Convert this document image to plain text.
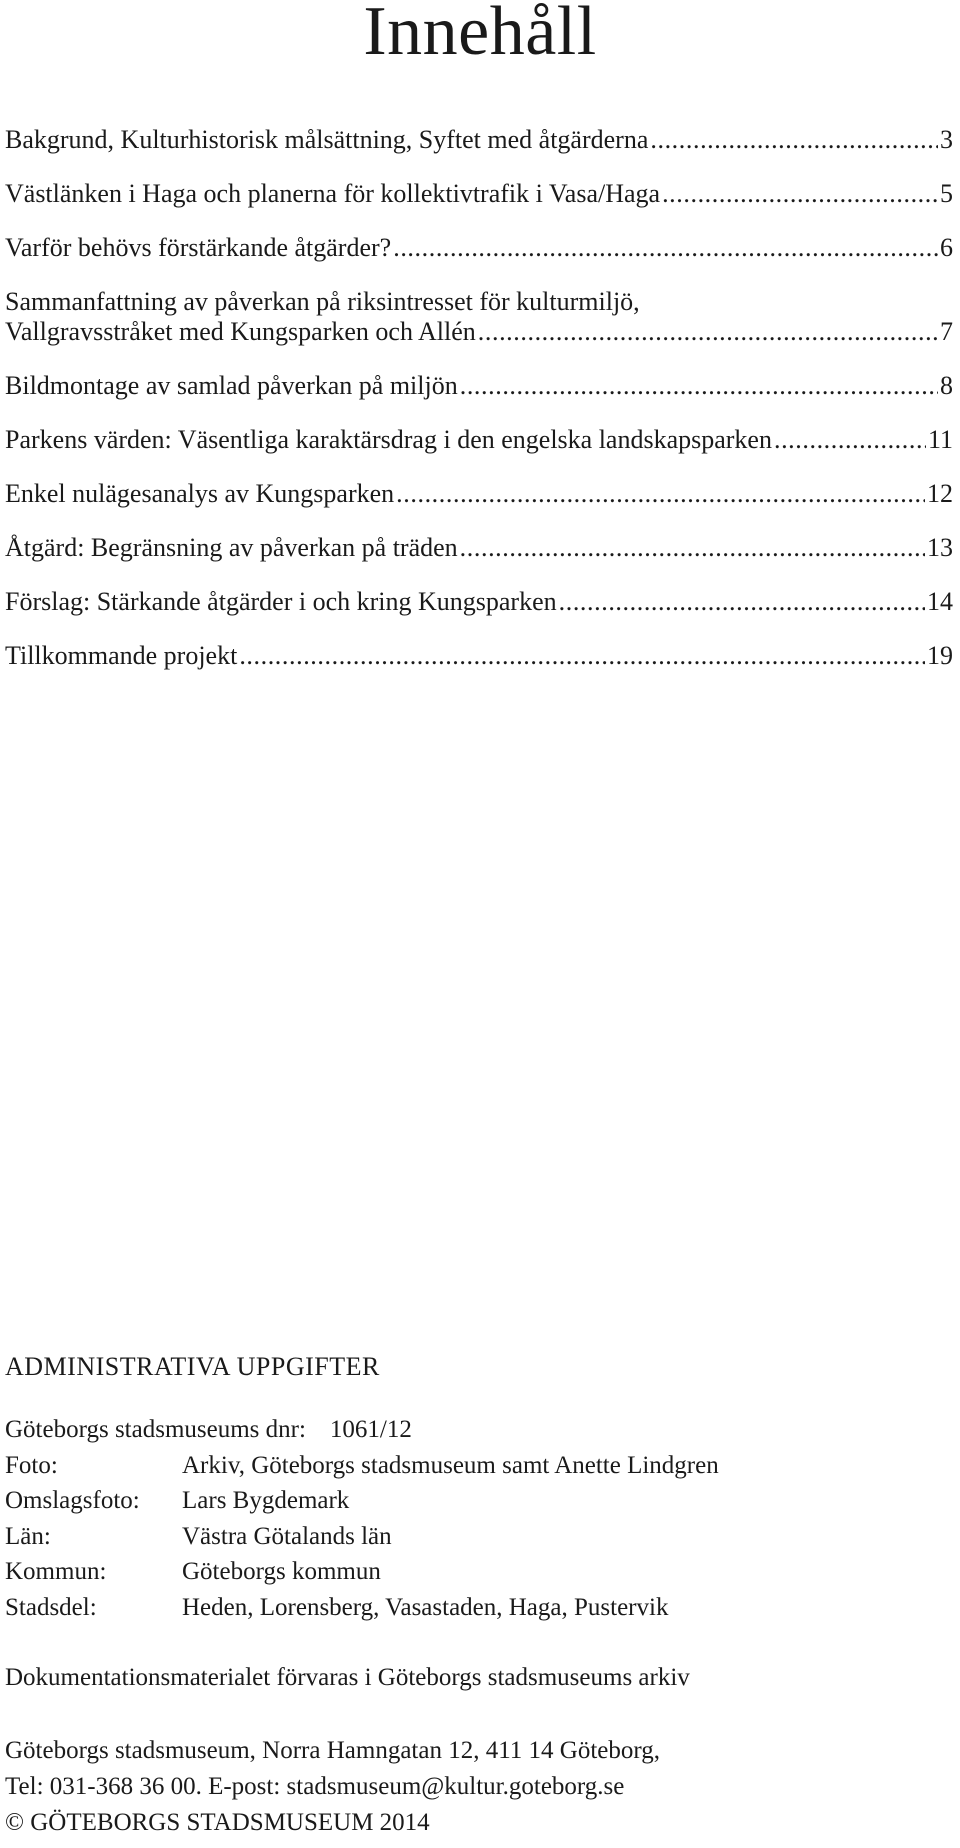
Innehåll
Bakgrund, Kulturhistorisk målsättning, Syftet med åtgärderna .....	3
Västlänken i Haga och planerna för kollektivtrafik i Vasa/Haga .....	5
Varför behövs förstärkande åtgärder? .....	6
Sammanfattning av påverkan på riksintresset för kulturmiljö,
Vallgravsstråket med Kungsparken och Allén .....	7
Bildmontage av samlad påverkan på miljön .....	8
Parkens värden: Väsentliga karaktärsdrag i den engelska landskapsparken .....	11
Enkel nulägesanalys av Kungsparken .....	12
Åtgärd: Begränsning av påverkan på träden .....	13
Förslag: Stärkande åtgärder i och kring Kungsparken .....	14
Tillkommande projekt .....	19
ADMINISTRATIVA UPPGIFTER
Göteborgs stadsmuseums dnr: 1061/12
Foto:	Arkiv, Göteborgs stadsmuseum samt Anette Lindgren
Omslagsfoto:	Lars Bygdemark
Län:	Västra Götalands län
Kommun:	Göteborgs kommun
Stadsdel:	Heden, Lorensberg, Vasastaden, Haga, Pustervik
Dokumentationsmaterialet förvaras i Göteborgs stadsmuseums arkiv
Göteborgs stadsmuseum, Norra Hamngatan 12, 411 14 Göteborg,
Tel: 031-368 36 00. E-post: stadsmuseum@kultur.goteborg.se
© GÖTEBORGS STADSMUSEUM 2014
